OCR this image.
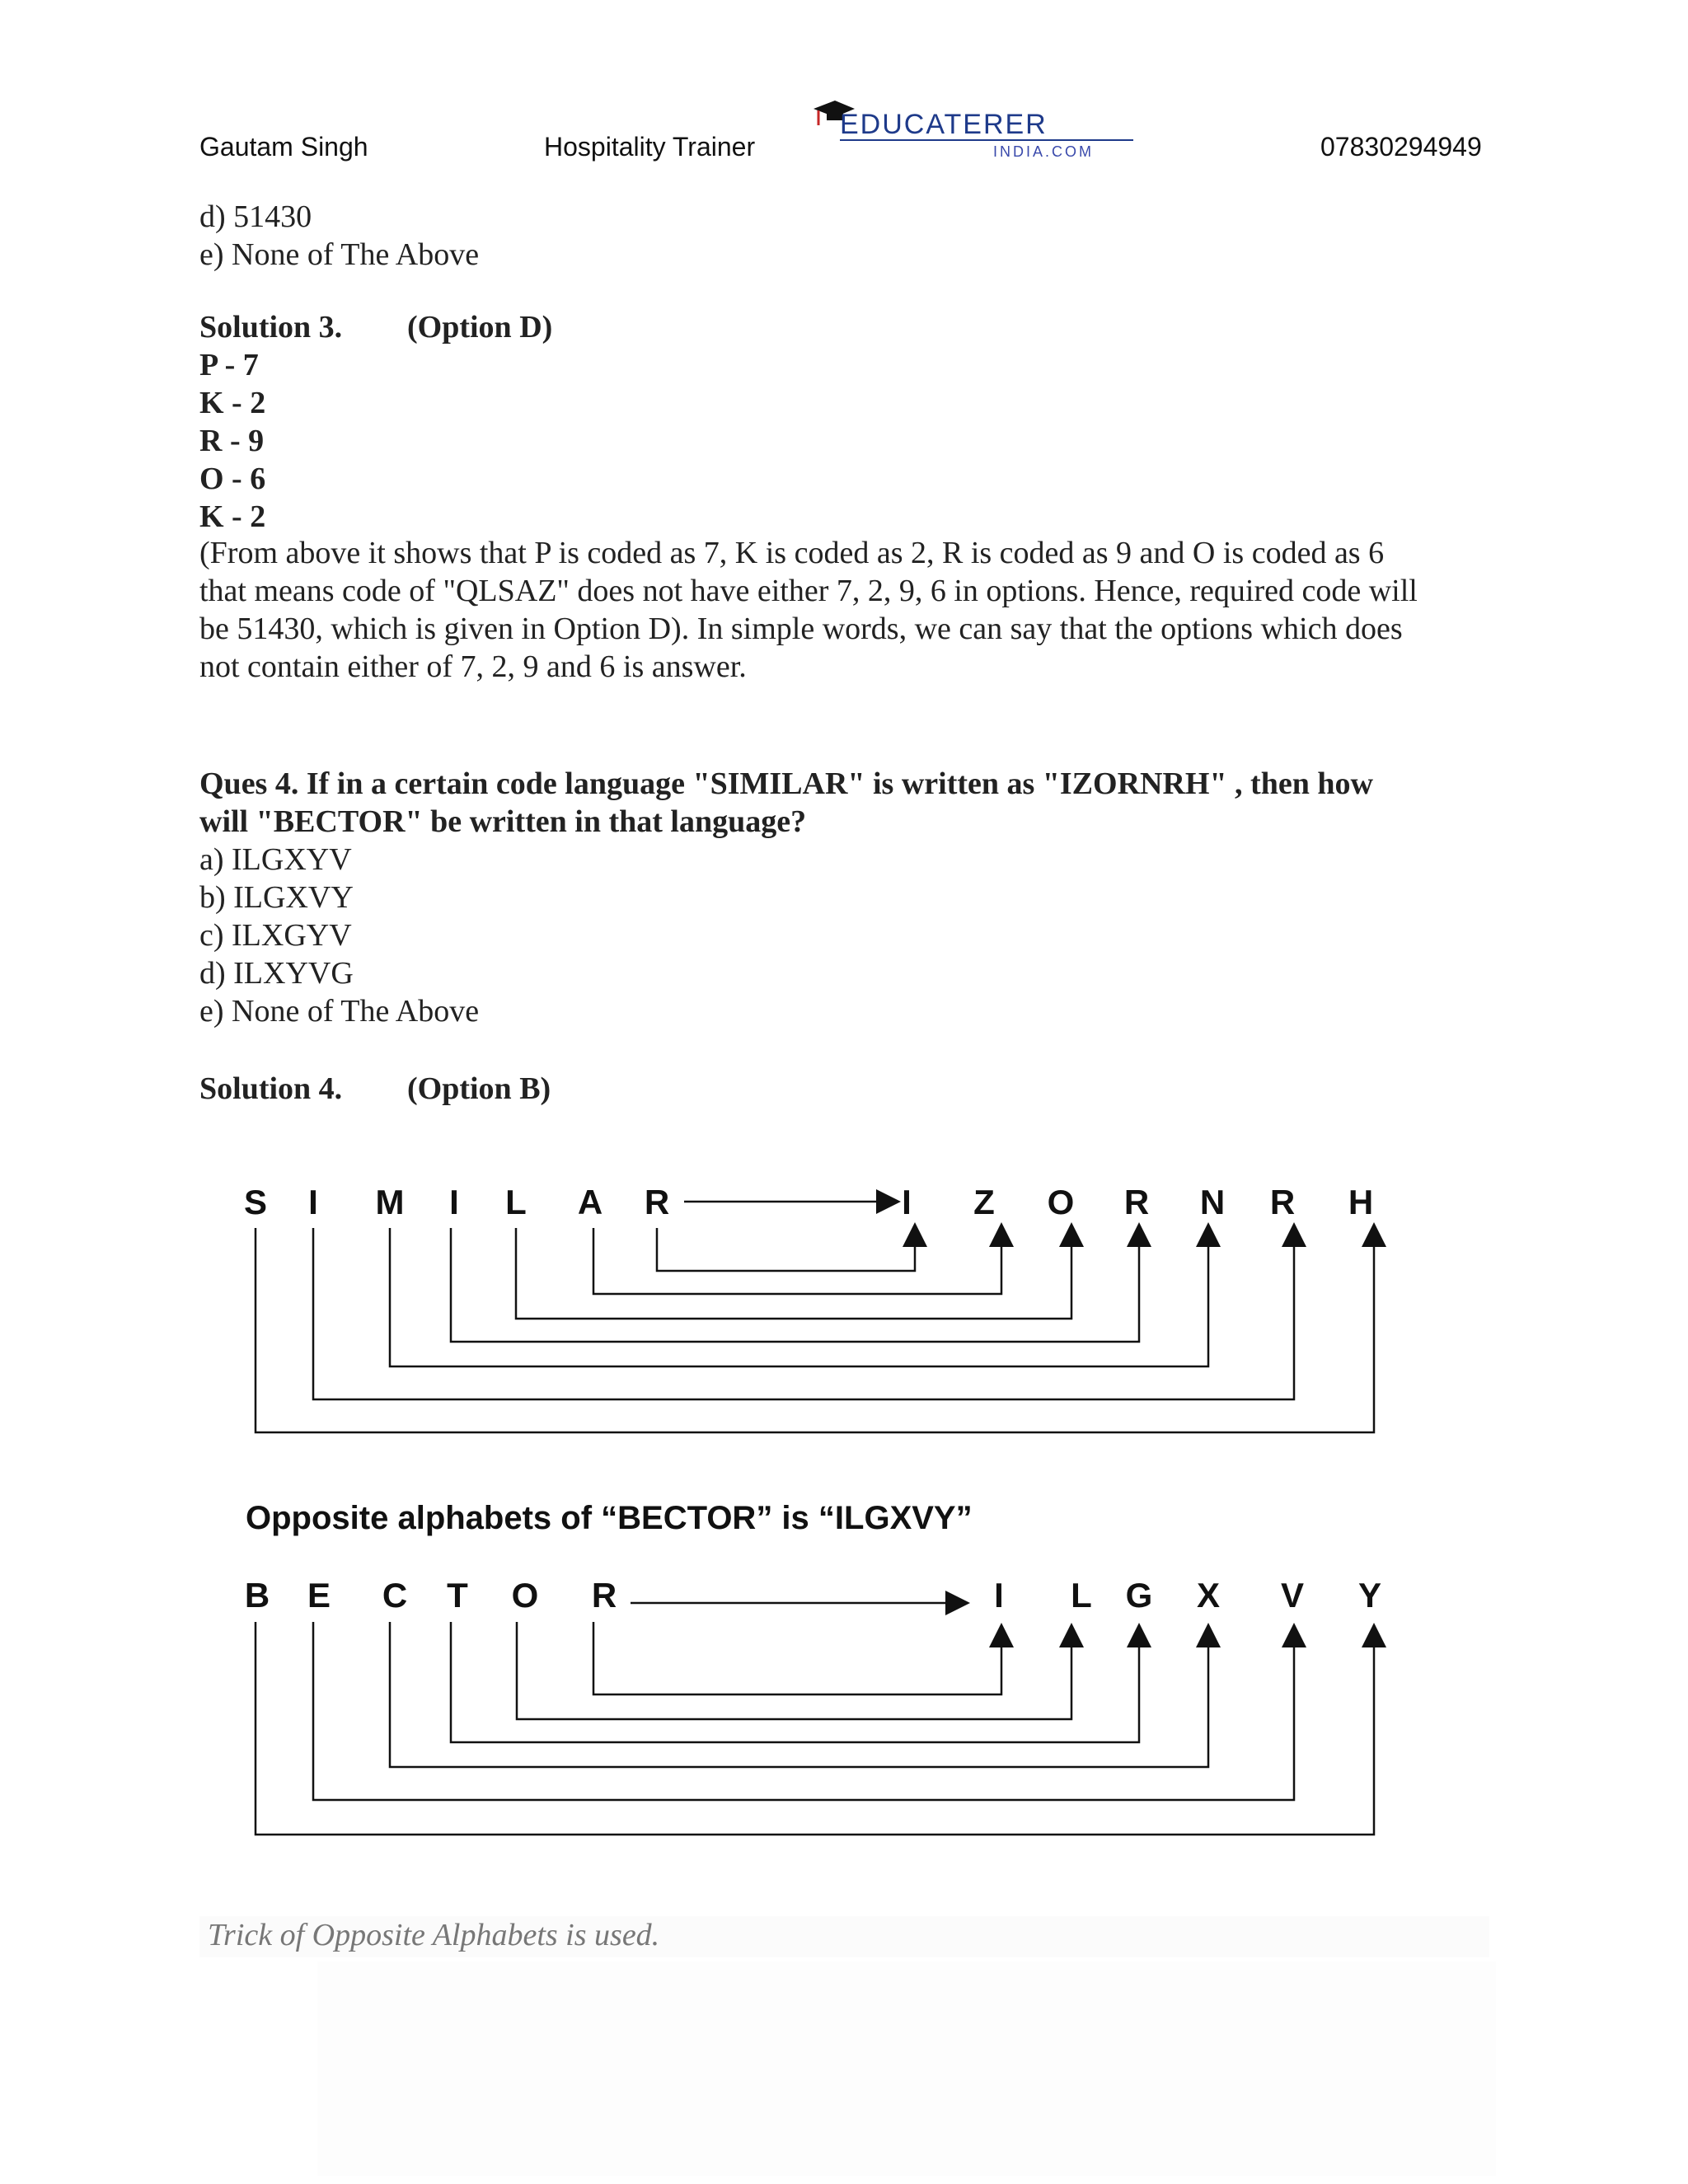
Gautam Singh	Hospitality Trainer	07830294949
EDUCATERER
INDIA.COM
d) 51430
e) None of The Above
Solution 3. (Option D)
P - 7
K - 2
R - 9
O - 6
K - 2
(From above it shows that P is coded as 7, K is coded as 2, R is coded as 9 and O is coded as 6
that means code of "QLSAZ" does not have either 7, 2, 9, 6 in options. Hence, required code will
be 51430, which is given in Option D). In simple words, we can say that the options which does
not contain either of 7, 2, 9 and 6 is answer.
Ques 4. If in a certain code language "SIMILAR" is written as "IZORNRH" , then how
will "BECTOR" be written in that language?
a) ILGXYV
b) ILGXVY
c) ILXGYV
d) ILXYVG
e) None of The Above
Solution 4. (Option B)
S I M I L A R	I Z O R N R H
Opposite alphabets of “BECTOR” is “ILGXVY”
B E C T O R	I L G X V Y
Trick of Opposite Alphabets is used.
